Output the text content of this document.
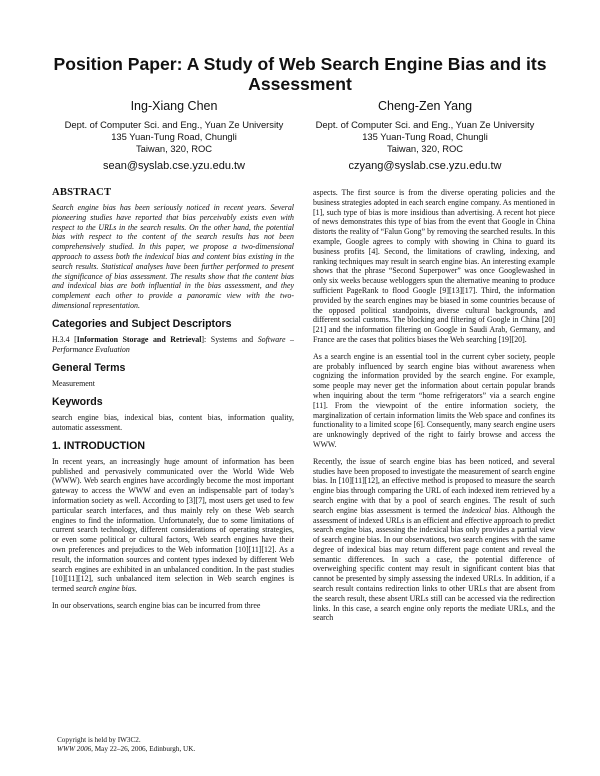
Position Paper: A Study of Web Search Engine Bias and its Assessment
Ing-Xiang Chen
Dept. of Computer Sci. and Eng., Yuan Ze University
135 Yuan-Tung Road, Chungli
Taiwan, 320, ROC
sean@syslab.cse.yzu.edu.tw
Cheng-Zen Yang
Dept. of Computer Sci. and Eng., Yuan Ze University
135 Yuan-Tung Road, Chungli
Taiwan, 320, ROC
czyang@syslab.cse.yzu.edu.tw
ABSTRACT

Search engine bias has been seriously noticed in recent years. Several pioneering studies have reported that bias perceivably exists even with respect to the URLs in the search results. On the other hand, the potential bias with respect to the content of the search results has not been comprehensively studied. In this paper, we propose a two-dimensional approach to assess both the indexical bias and content bias existing in the search results. Statistical analyses have been further performed to present the significance of bias assessment. The results show that the content bias and indexical bias are both influential in the bias assessment, and they complement each other to provide a panoramic view with the two-dimensional representation.

Categories and Subject Descriptors
H.3.4 [Information Storage and Retrieval]: Systems and Software – Performance Evaluation
General Terms

Measurement

Keywords

search engine bias, indexical bias, content bias, information quality, automatic assessment.

1. INTRODUCTION

In recent years, an increasingly huge amount of information has been published and pervasively communicated over the World Wide Web (WWW). Web search engines have accordingly become the most important gateway to access the WWW and even an indispensable part of today’s information society as well. According to [3][7], most users get used to few particular search interfaces, and thus mainly rely on these Web search engines to find the information. Unfortunately, due to some limitations of current search technology, different considerations of operating strategies, or even some political or cultural factors, Web search engines have their own preferences and prejudices to the Web information [10][11][12]. As a result, the information sources and content types indexed by different Web search engines are exhibited in an unbalanced condition. In the past studies [10][11][12], such unbalanced item selection in Web search engines is termed search engine bias.

In our observations, search engine bias can be incurred from three

aspects. The first source is from the diverse operating policies and the business strategies adopted in each search engine company. As mentioned in [1], such type of bias is more insidious than advertising. A recent hot piece of news demonstrates this type of bias from the event that Google in China distorts the reality of “Falun Gong” by removing the searched results. In this example, Google agrees to comply with showing in China to guard its business profits [4]. Second, the limitations of crawling, indexing, and ranking techniques may result in search engine bias. An interesting example shows that the phrase “Second Superpower” was once Googlewashed in only six weeks because webloggers spun the alternative meaning to produce sufficient PageRank to flood Google [9][13][17]. Third, the information provided by the search engines may be biased in some countries because of the opposed political standpoints, diverse cultural backgrounds, and different social customs. The blocking and filtering of Google in China [20][21] and the information filtering on Google in Saudi Arab, Germany, and France are the cases that politics biases the Web searching [19][20].

As a search engine is an essential tool in the current cyber society, people are probably influenced by search engine bias without awareness when cognizing the information provided by the search engine. For example, some people may never get the information about certain popular brands when inquiring about the term “home refrigerators” via a search engine [11]. From the viewpoint of the entire information society, the marginalization of certain information limits the Web space and confines its functionality to a limited scope [6]. Consequently, many search engine users are unknowingly deprived of the right to fairly browse and access the WWW.

Recently, the issue of search engine bias has been noticed, and several studies have been proposed to investigate the measurement of search engine bias. In [10][11][12], an effective method is proposed to measure the search engine bias through comparing the URL of each indexed item retrieved by a search engine with that by a pool of search engines. The result of such search engine bias assessment is termed the indexical bias. Although the assessment of indexed URLs is an efficient and effective approach to predict search engine bias, assessing the indexical bias only provides a partial view of search engine bias. In our observations, two search engines with the same degree of indexical bias may return different page content and reveal the semantic differences. In such a case, the potential difference of overweighing specific content may result in significant content bias that cannot be presented by simply assessing the indexed URLs. In addition, if a search result contains redirection links to other URLs that are absent from the search result, these absent URLs still can be accessed via the redirection links. In this case, a search engine only reports the mediate URLs, and the search

Copyright is held by IW3C2.
WWW 2006, May 22–26, 2006, Edinburgh, UK.
